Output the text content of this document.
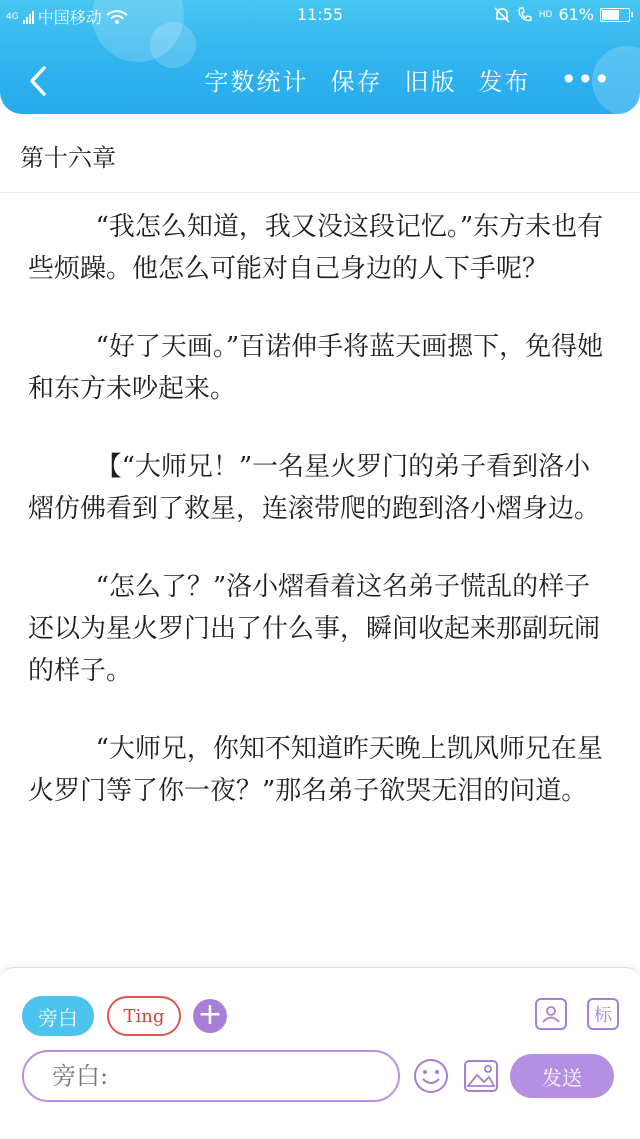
4G 中国移动	11:55	HD 61%
字数统计 保存 旧版 发布 •••
第十六章

“我怎么知道，我又没这段记忆。”东方未也有些烦躁。他怎么可能对自己身边的人下手呢？

“好了天画。”百诺伸手将蓝天画摁下，免得她和东方未吵起来。

【“大师兄！”一名星火罗门的弟子看到洛小熠仿佛看到了救星，连滚带爬的跑到洛小熠身边。

“怎么了？”洛小熠看着这名弟子慌乱的样子还以为星火罗门出了什么事，瞬间收起来那副玩闹的样子。

“大师兄，你知不知道昨天晚上凯风师兄在星火罗门等了你一夜？”那名弟子欲哭无泪的问道。

旁白	Ting	+	标
旁白:
发送
